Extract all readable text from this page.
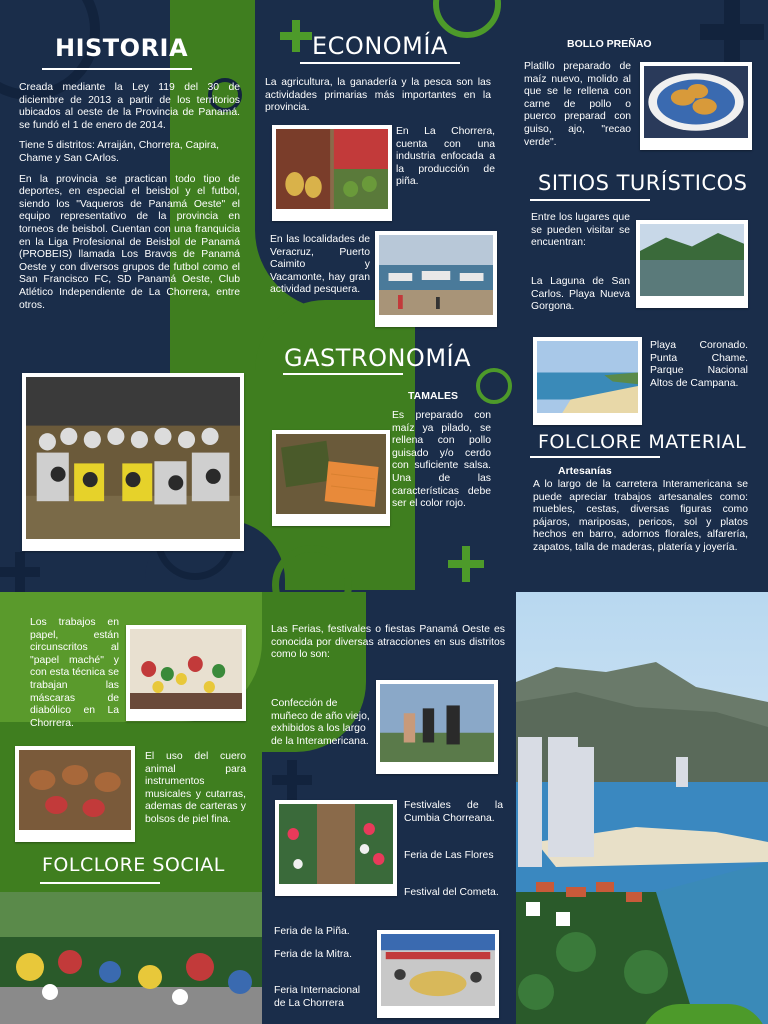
HISTORIA

Creada mediante la Ley 119 del 30 de diciembre de 2013 a partir de los territorios ubicados al oeste de la Provincia de Panamá. se fundó el 1 de enero de 2014.

Tiene 5 distritos: Arraiján, Chorrera, Capira, Chame y San CArlos.

En la provincia se practican todo tipo de deportes, en especial el beisbol y el futbol, siendo los "Vaqueros de Panamá Oeste" el equipo representativo de la provincia en torneos de beisbol. Cuentan con una franquicia en la Liga Profesional de Beisbol de Panamá (PROBEIS) llamada Los Bravos de Panamá Oeste y con diversos grupos de futbol como el San Francisco FC, SD Panamá Oeste, Club Atlético Independiente de La Chorrera, entre otros.

ECONOMÍA
La agricultura, la ganadería y la pesca son las actividades primarias más importantes en la provincia.
En La Chorrera, cuenta con una industria enfocada a la producción de piña.
En las localidades de Veracruz, Puerto Caimito y Vacamonte, hay gran actividad pesquera.
GASTRONOMÍA
TAMALES
Es preparado con maíz ya pilado, se rellena con pollo guisado y/o cerdo con suficiente salsa. Una de las características debe ser el color rojo.
BOLLO PREÑAO
Platillo preparado de maíz nuevo, molido al que se le rellena con carne de pollo o puerco preparad con guiso, ajo, "recao verde".
SITIOS TURÍSTICOS
Entre los lugares que se pueden visitar se encuentran:
La Laguna de San Carlos. Playa Nueva Gorgona.
Playa Coronado. Punta Chame. Parque Nacional Altos de Campana.
FOLCLORE MATERIAL
Artesanías
A lo largo de la carretera Interamericana se puede apreciar trabajos artesanales como: muebles, cestas, diversas figuras como pájaros, mariposas, pericos, sol y platos hechos en barro, adornos florales, alfarería, zapatos, talla de maderas, platería y joyería.
Los trabajos en papel, están circunscritos al "papel maché" y con esta técnica se trabajan las máscaras de diabólico en La Chorrera.
El uso del cuero animal para instrumentos musicales y cutarras, ademas de carteras y bolsos de piel fina.
FOLCLORE SOCIAL
Las Ferias, festivales o fiestas Panamá Oeste es conocida por diversas atracciones en sus distritos como lo son:
Confección de muñeco de año viejo, exhibidos a los largo de la Interamericana.
Festivales de la Cumbia Chorreana.
Feria de Las Flores
Festival del Cometa.
Feria de la Piña.
Feria de la Mitra.
Feria Internacional de La Chorrera
